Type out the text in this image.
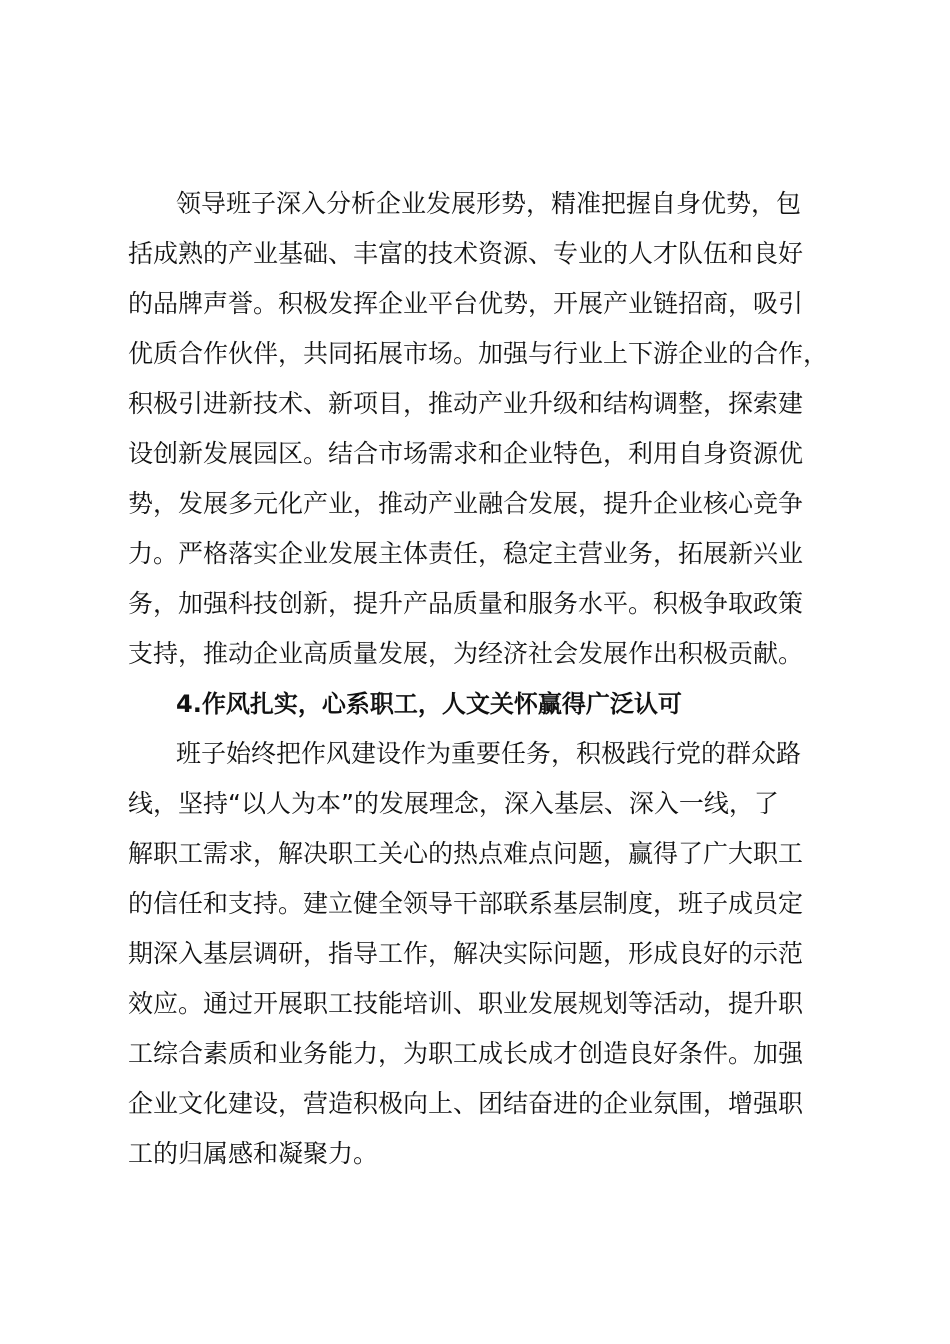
领导班子深入分析企业发展形势，精准把握自身优势，包
括成熟的产业基础、丰富的技术资源、专业的人才队伍和良好
的品牌声誉。积极发挥企业平台优势，开展产业链招商，吸引
优质合作伙伴，共同拓展市场。加强与行业上下游企业的合作，
积极引进新技术、新项目，推动产业升级和结构调整，探索建
设创新发展园区。结合市场需求和企业特色，利用自身资源优
势，发展多元化产业，推动产业融合发展，提升企业核心竞争
力。严格落实企业发展主体责任，稳定主营业务，拓展新兴业
务，加强科技创新，提升产品质量和服务水平。积极争取政策
支持，推动企业高质量发展，为经济社会发展作出积极贡献。
4.作风扎实，心系职工，人文关怀赢得广泛认可
班子始终把作风建设作为重要任务，积极践行党的群众路
线，坚持“以人为本”的发展理念，深入基层、深入一线，了
解职工需求，解决职工关心的热点难点问题，赢得了广大职工
的信任和支持。建立健全领导干部联系基层制度，班子成员定
期深入基层调研，指导工作，解决实际问题，形成良好的示范
效应。通过开展职工技能培训、职业发展规划等活动，提升职
工综合素质和业务能力，为职工成长成才创造良好条件。加强
企业文化建设，营造积极向上、团结奋进的企业氛围，增强职
工的归属感和凝聚力。
